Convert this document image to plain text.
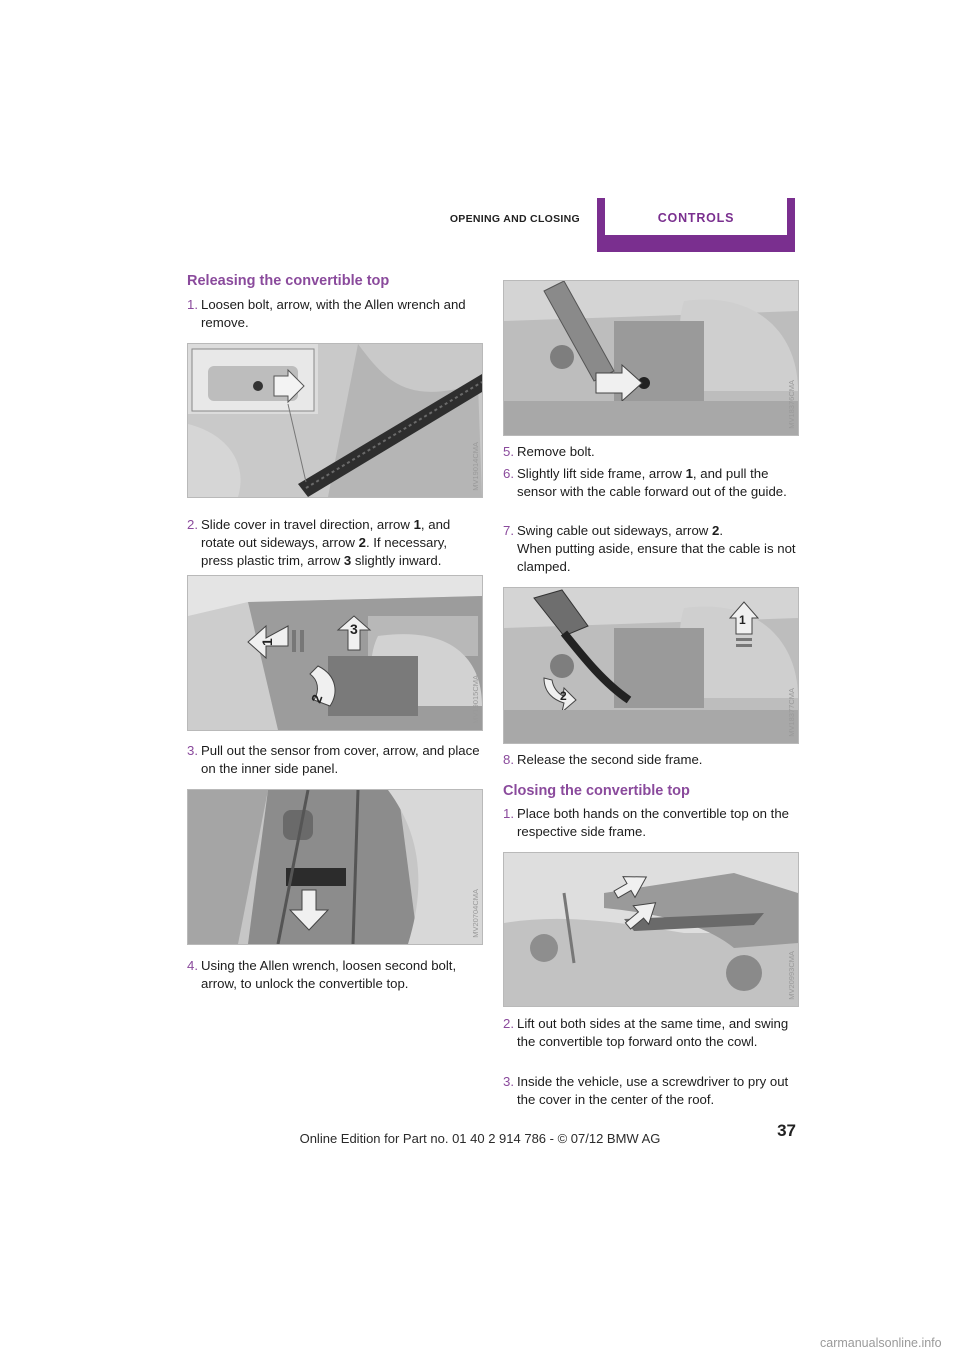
OPENING AND CLOSING	CONTROLS
Releasing the convertible top
1. Loosen bolt, arrow, with the Allen wrench and remove.
MV19014CMA
2. Slide cover in travel direction, arrow 1, and rotate out sideways, arrow 2. If necessary, press plastic trim, arrow 3 slightly inward.
1
3
2	MV19015CMA
3. Pull out the sensor from cover, arrow, and place on the inner side panel.
MV20704CMA
4. Using the Allen wrench, loosen second bolt, arrow, to unlock the convertible top.
MV18376CMA
5. Remove bolt.
6. Slightly lift side frame, arrow 1, and pull the sensor with the cable forward out of the guide.
7. Swing cable out sideways, arrow 2.
When putting aside, ensure that the cable is not clamped.
1
2	MV18377CMA
8. Release the second side frame.
Closing the convertible top
1. Place both hands on the convertible top on the respective side frame.
MV20993CMA
2. Lift out both sides at the same time, and swing the convertible top forward onto the cowl.
3. Inside the vehicle, use a screwdriver to pry out the cover in the center of the roof.
37
Online Edition for Part no. 01 40 2 914 786 - © 07/12 BMW AG
carmanualsonline.info
